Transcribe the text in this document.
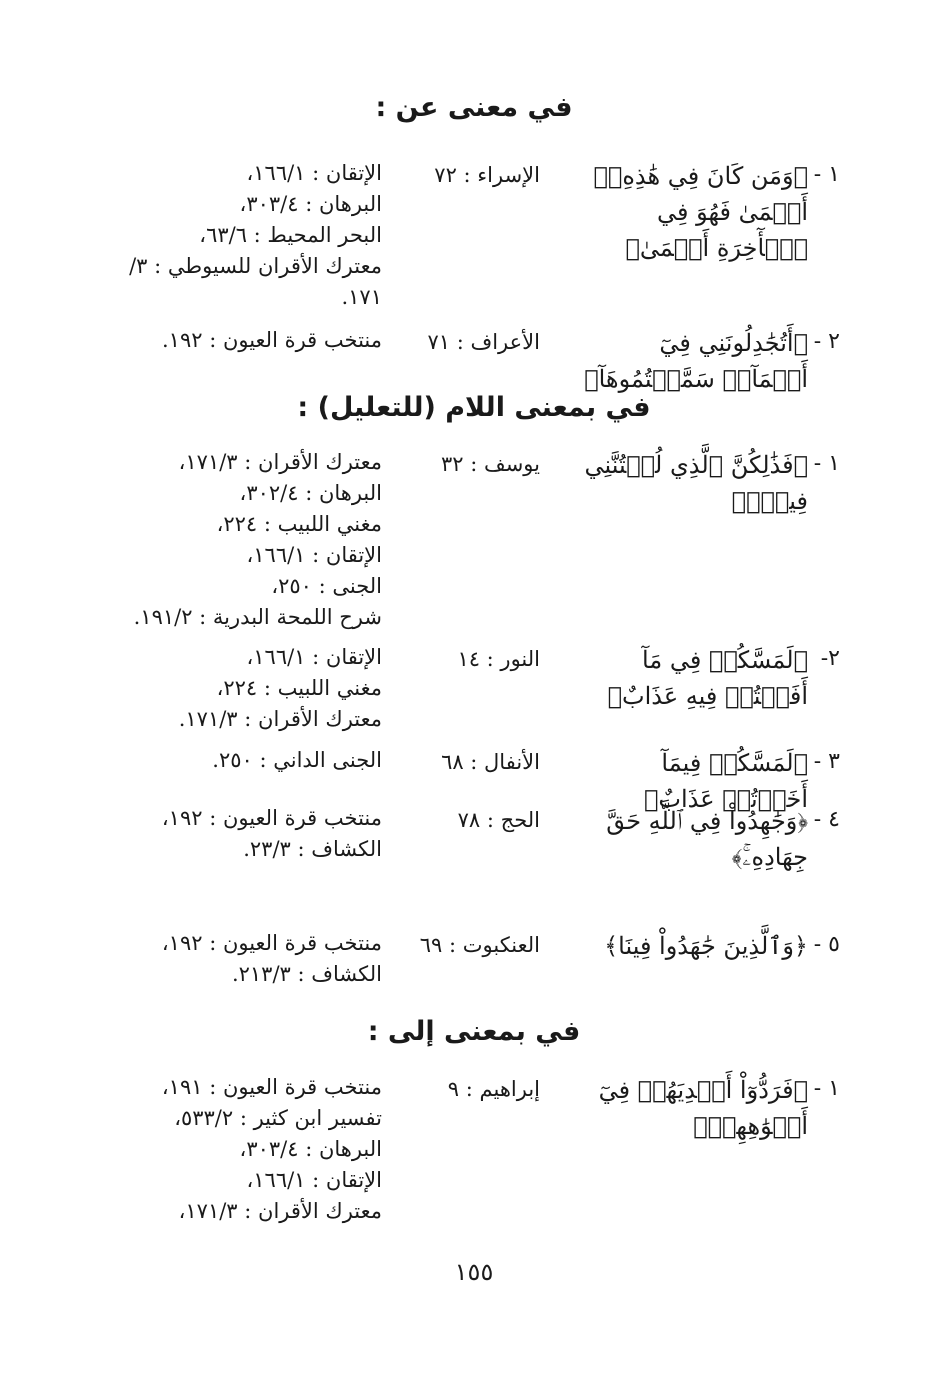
في معنى عن :
١ -
﴿وَمَن كَانَ فِي هَٰذِهِۦٓ أَعۡمَىٰ فَهُوَ فِي ٱلۡأٓخِرَةِ أَعۡمَىٰ﴾
الإسراء : ٧٢
الإتقان : ١٦٦/١،
البرهان : ٣٠٣/٤،
البحر المحيط : ٦٣/٦،
معترك الأقران للسيوطي : ٣/ ١٧١.
٢ -
﴿أَتُجَٰدِلُونَنِي فِيٓ أَسۡمَآءٖ سَمَّيۡتُمُوهَآ﴾
الأعراف : ٧١
منتخب قرة العيون : ١٩٢.
في بمعنى اللام (للتعليل) :
١ -
﴿فَذَٰلِكُنَّ ٱلَّذِي لُمۡتُنَّنِي فِيهِۖ﴾
يوسف : ٣٢
معترك الأقران : ١٧١/٣،
البرهان : ٣٠٢/٤،
مغني اللبيب : ٢٢٤،
الإتقان : ١٦٦/١،
الجنى : ٢٥٠،
شرح اللمحة البدرية : ١٩١/٢.
٢-
﴿لَمَسَّكُمۡ فِي مَآ أَفَضۡتُمۡ فِيهِ عَذَابٌ﴾
النور : ١٤
الإتقان : ١٦٦/١،
مغني اللبيب : ٢٢٤،
معترك الأقران : ١٧١/٣.
٣ -
﴿لَمَسَّكُمۡ فِيمَآ أَخَذۡتُمۡ عَذَابٌ﴾
الأنفال : ٦٨
الجنى الداني : ٢٥٠.
٤ -
﴿وَجَٰهِدُواْ فِي ٱللَّهِ حَقَّ جِهَادِهِۦۚ﴾
الحج : ٧٨
منتخب قرة العيون : ١٩٢،
الكشاف : ٢٣/٣.
٥ -
﴿وَٱلَّذِينَ جَٰهَدُواْ فِينَا﴾
العنكبوت : ٦٩
منتخب قرة العيون : ١٩٢،
الكشاف : ٢١٣/٣.
في بمعنى إلى :
١ -
﴿فَرَدُّوٓاْ أَيۡدِيَهُمۡ فِيٓ أَفۡوَٰهِهِمۡ﴾
إبراهيم : ٩
منتخب قرة العيون : ١٩١،
تفسير ابن كثير : ٥٣٣/٢،
البرهان : ٣٠٣/٤،
الإتقان : ١٦٦/١،
معترك الأقران : ١٧١/٣،
١٥٥
